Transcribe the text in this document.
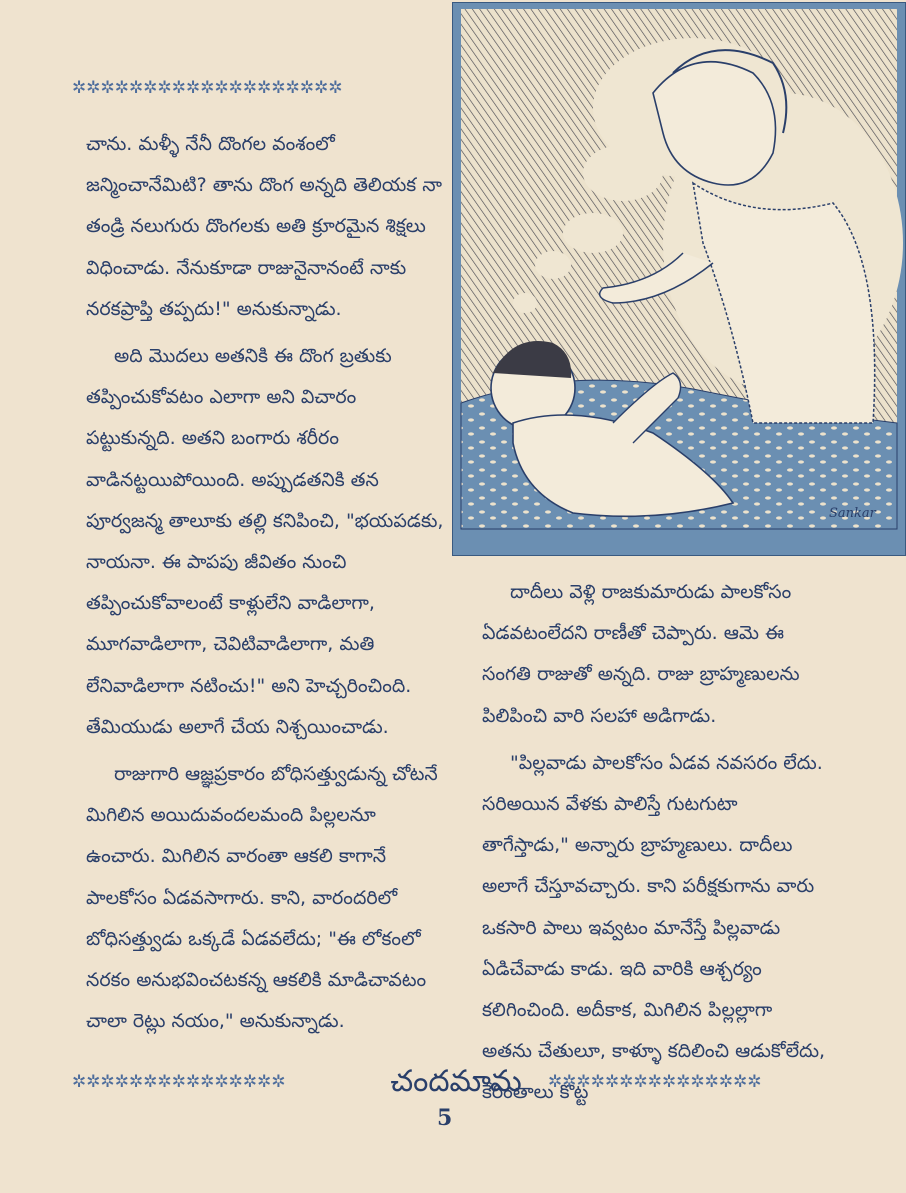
✲✲✲✲✲✲✲✲✲✲✲✲✲✲✲✲✲✲✲

చాను. మళ్ళీ నేనీ దొంగల వంశంలో జన్మించానేమిటి? తాను దొంగ అన్నది తెలియక నా తండ్రి నలుగురు దొంగలకు అతి క్రూరమైన శిక్షలు విధించాడు. నేనుకూడా రాజునైనానంటే నాకు నరకప్రాప్తి తప్పదు!" అనుకున్నాడు.

అది మొదలు అతనికి ఈ దొంగ బ్రతుకు తప్పించుకోవటం ఎలాగా అని విచారం పట్టుకున్నది. అతని బంగారు శరీరం వాడినట్టయిపోయింది. అప్పుడతనికి తన పూర్వజన్మ తాలూకు తల్లి కనిపించి, "భయపడకు, నాయనా. ఈ పాపపు జీవితం నుంచి తప్పించుకోవాలంటే కాళ్లులేని వాడిలాగా, మూగవాడిలాగా, చెవిటివాడిలాగా, మతి లేనివాడిలాగా నటించు!" అని హెచ్చరించింది. తేమియుడు అలాగే చేయ నిశ్చయించాడు.

రాజుగారి ఆజ్ఞప్రకారం బోధిసత్త్వుడున్న చోటనే మిగిలిన అయిదువందలమంది పిల్లలనూ ఉంచారు. మిగిలిన వారంతా ఆకలి కాగానే పాలకోసం ఏడవసాగారు. కాని, వారందరిలో బోధిసత్త్వుడు ఒక్కడే ఏడవలేదు; "ఈ లోకంలో నరకం అనుభవించటకన్న ఆకలికి మాడిచావటం చాలా రెట్లు నయం," అనుకున్నాడు.

Sankar

దాదీలు వెళ్లి రాజకుమారుడు పాలకోసం ఏడవటంలేదని రాణీతో చెప్పారు. ఆమె ఈ సంగతి రాజుతో అన్నది. రాజు బ్రాహ్మణులను పిలిపించి వారి సలహా అడిగాడు.

"పిల్లవాడు పాలకోసం ఏడవ నవసరం లేదు. సరిఅయిన వేళకు పాలిస్తే గుటగుటా తాగేస్తాడు," అన్నారు బ్రాహ్మణులు. దాదీలు అలాగే చేస్తూవచ్చారు. కాని పరీక్షకుగాను వారు ఒకసారి పాలు ఇవ్వటం మానేస్తే పిల్లవాడు ఏడిచేవాడు కాడు. ఇది వారికి ఆశ్చర్యం కలిగించింది. అదీకాక, మిగిలిన పిల్లల్లాగా అతను చేతులూ, కాళ్ళూ కదిలించి ఆడుకోలేదు, కేరింతాలు కొట్ట

✲✲✲✲✲✲✲✲✲✲✲✲✲✲✲	చందమామ	✲✲✲✲✲✲✲✲✲✲✲✲✲✲✲
5
